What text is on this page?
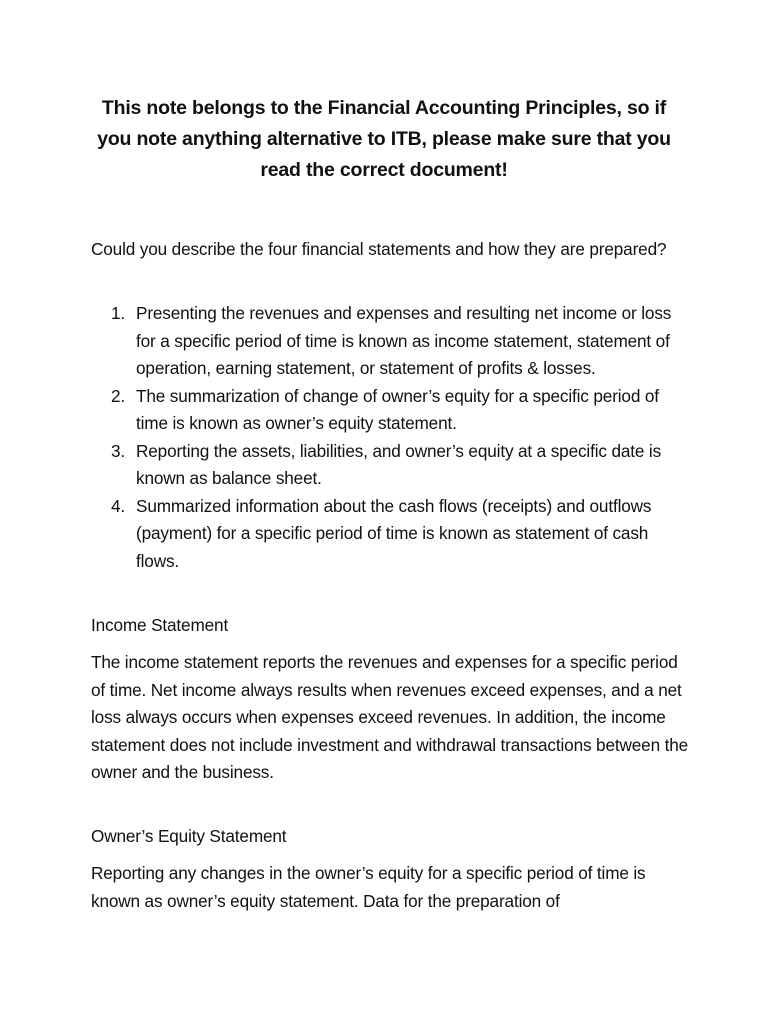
This note belongs to the Financial Accounting Principles, so if you note anything alternative to ITB, please make sure that you read the correct document!
Could you describe the four financial statements and how they are prepared?
1. Presenting the revenues and expenses and resulting net income or loss for a specific period of time is known as income statement, statement of operation, earning statement, or statement of profits & losses.
2. The summarization of change of owner’s equity for a specific period of time is known as owner’s equity statement.
3. Reporting the assets, liabilities, and owner’s equity at a specific date is known as balance sheet.
4. Summarized information about the cash flows (receipts) and outflows (payment) for a specific period of time is known as statement of cash flows.
Income Statement
The income statement reports the revenues and expenses for a specific period of time. Net income always results when revenues exceed expenses, and a net loss always occurs when expenses exceed revenues. In addition, the income statement does not include investment and withdrawal transactions between the owner and the business.
Owner’s Equity Statement
Reporting any changes in the owner’s equity for a specific period of time is known as owner’s equity statement. Data for the preparation of
